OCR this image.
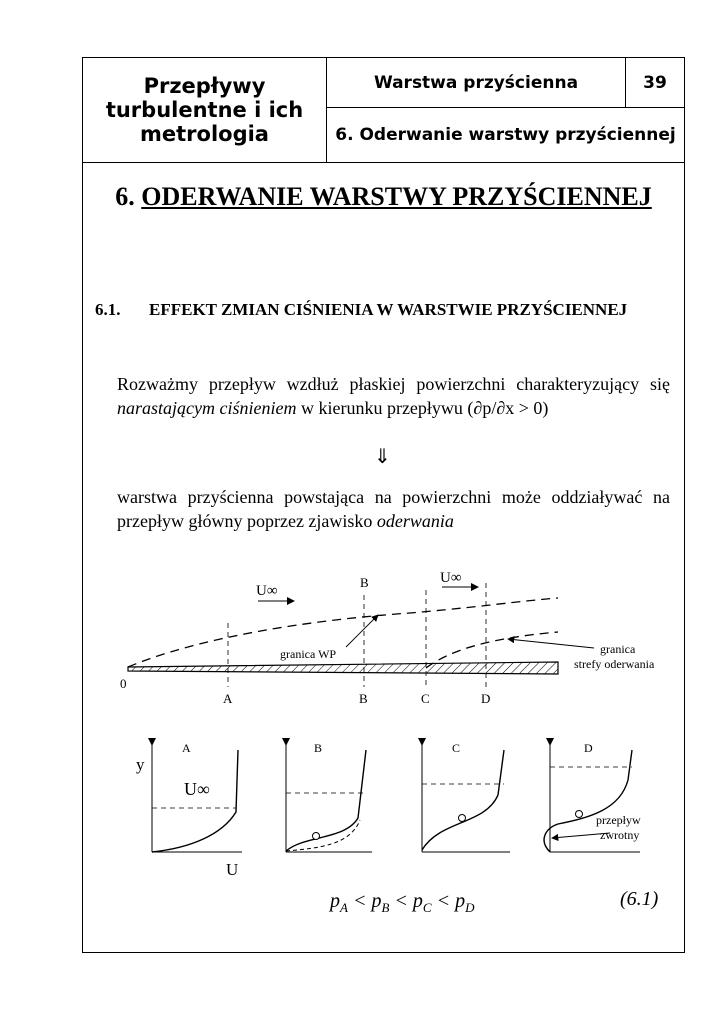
Przepływy turbulentne i ich metrologia	Warstwa przyścienna	39
6. Oderwanie warstwy przyściennej
6. ODERWANIE WARSTWY PRZYŚCIENNEJ
6.1. EFFEKT ZMIAN CIŚNIENIA W WARSTWIE PRZYŚCIENNEJ
Rozważmy przepływ wzdłuż płaskiej powierzchni charakteryzujący się narastającym ciśnieniem w kierunku przepływu (∂p/∂x > 0)
⇓
warstwa przyścienna powstająca na powierzchni może oddziaływać na przepływ główny poprzez zjawisko oderwania
U∞
U∞
B
0
A	B	C	D
granica WP	granica
strefy oderwania
A
y
U∞
U
B	C	D
przepływ
zwrotny
$p_A < p_B < p_C < p_D$	(6.1)
